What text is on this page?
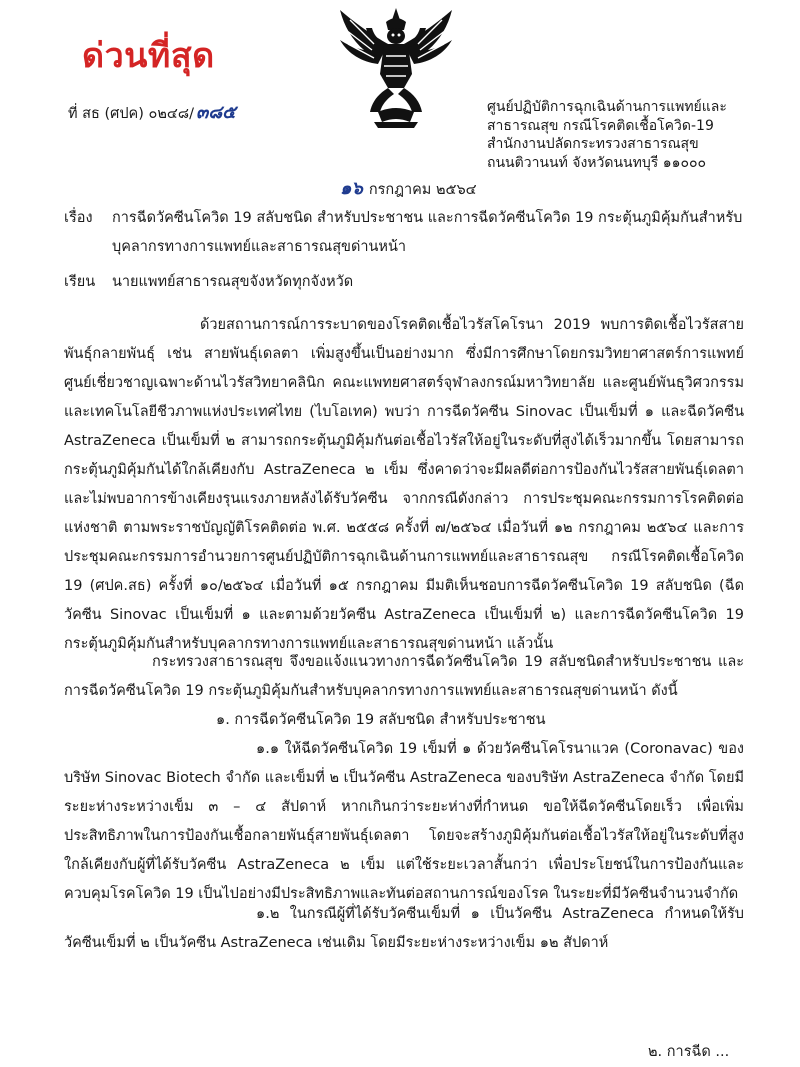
ด่วนที่สุด
ที่ สธ (ศปค) ๐๒๔๘/ ๓๘๕	ศูนย์ปฏิบัติการฉุกเฉินด้านการแพทย์และ
สาธารณสุข กรณีโรคติดเชื้อโควิด-19
สำนักงานปลัดกระทรวงสาธารณสุข
ถนนติวานนท์ จังหวัดนนทบุรี ๑๑๐๐๐
๑๖ กรกฎาคม ๒๕๖๔
เรื่อง การฉีดวัคซีนโควิด 19 สลับชนิด สำหรับประชาชน และการฉีดวัคซีนโควิด 19 กระตุ้นภูมิคุ้มกันสำหรับ
บุคลากรทางการแพทย์และสาธารณสุขด่านหน้า
เรียน นายแพทย์สาธารณสุขจังหวัดทุกจังหวัด

ด้วยสถานการณ์การระบาดของโรคติดเชื้อไวรัสโคโรนา 2019 พบการติดเชื้อไวรัสสายพันธุ์กลายพันธุ์ เช่น สายพันธุ์เดลตา เพิ่มสูงขึ้นเป็นอย่างมาก ซึ่งมีการศึกษาโดยกรมวิทยาศาสตร์การแพทย์ ศูนย์เชี่ยวชาญเฉพาะด้านไวรัสวิทยาคลินิก คณะแพทยศาสตร์จุฬาลงกรณ์มหาวิทยาลัย และศูนย์พันธุวิศวกรรมและเทคโนโลยีชีวภาพแห่งประเทศไทย (ไบโอเทค) พบว่า การฉีดวัคซีน Sinovac เป็นเข็มที่ ๑ และฉีดวัคซีน AstraZeneca เป็นเข็มที่ ๒ สามารถกระตุ้นภูมิคุ้มกันต่อเชื้อไวรัสให้อยู่ในระดับที่สูงได้เร็วมากขึ้น โดยสามารถกระตุ้นภูมิคุ้มกันได้ใกล้เคียงกับ AstraZeneca ๒ เข็ม ซึ่งคาดว่าจะมีผลดีต่อการป้องกันไวรัสสายพันธุ์เดลตา และไม่พบอาการข้างเคียงรุนแรงภายหลังได้รับวัคซีน จากกรณีดังกล่าว การประชุมคณะกรรมการโรคติดต่อแห่งชาติ ตามพระราชบัญญัติโรคติดต่อ พ.ศ. ๒๕๕๘ ครั้งที่ ๗/๒๕๖๔ เมื่อวันที่ ๑๒ กรกฎาคม ๒๕๖๔ และการประชุมคณะกรรมการอำนวยการศูนย์ปฏิบัติการฉุกเฉินด้านการแพทย์และสาธารณสุข กรณีโรคติดเชื้อโควิด 19 (ศปค.สธ) ครั้งที่ ๑๐/๒๕๖๔ เมื่อวันที่ ๑๕ กรกฎาคม มีมติเห็นชอบการฉีดวัคซีนโควิด 19 สลับชนิด (ฉีดวัคซีน Sinovac เป็นเข็มที่ ๑ และตามด้วยวัคซีน AstraZeneca เป็นเข็มที่ ๒) และการฉีดวัคซีนโควิด 19 กระตุ้นภูมิคุ้มกันสำหรับบุคลากรทางการแพทย์และสาธารณสุขด่านหน้า แล้วนั้น

กระทรวงสาธารณสุข จึงขอแจ้งแนวทางการฉีดวัคซีนโควิด 19 สลับชนิดสำหรับประชาชน และการฉีดวัคซีนโควิด 19 กระตุ้นภูมิคุ้มกันสำหรับบุคลากรทางการแพทย์และสาธารณสุขด่านหน้า ดังนี้

๑. การฉีดวัคซีนโควิด 19 สลับชนิด สำหรับประชาชน

๑.๑ ให้ฉีดวัคซีนโควิด 19 เข็มที่ ๑ ด้วยวัคซีนโคโรนาแวค (Coronavac) ของบริษัท Sinovac Biotech จำกัด และเข็มที่ ๒ เป็นวัคซีน AstraZeneca ของบริษัท AstraZeneca จำกัด โดยมีระยะห่างระหว่างเข็ม ๓ – ๔ สัปดาห์ หากเกินกว่าระยะห่างที่กำหนด ขอให้ฉีดวัคซีนโดยเร็ว เพื่อเพิ่มประสิทธิภาพในการป้องกันเชื้อกลายพันธุ์สายพันธุ์เดลตา โดยจะสร้างภูมิคุ้มกันต่อเชื้อไวรัสให้อยู่ในระดับที่สูงใกล้เคียงกับผู้ที่ได้รับวัคซีน AstraZeneca ๒ เข็ม แต่ใช้ระยะเวลาสั้นกว่า เพื่อประโยชน์ในการป้องกันและควบคุมโรคโควิด 19 เป็นไปอย่างมีประสิทธิภาพและทันต่อสถานการณ์ของโรค ในระยะที่มีวัคซีนจำนวนจำกัด

๑.๒ ในกรณีผู้ที่ได้รับวัคซีนเข็มที่ ๑ เป็นวัคซีน AstraZeneca กำหนดให้รับวัคซีนเข็มที่ ๒ เป็นวัคซีน AstraZeneca เช่นเดิม โดยมีระยะห่างระหว่างเข็ม ๑๒ สัปดาห์

๒. การฉีด ...
